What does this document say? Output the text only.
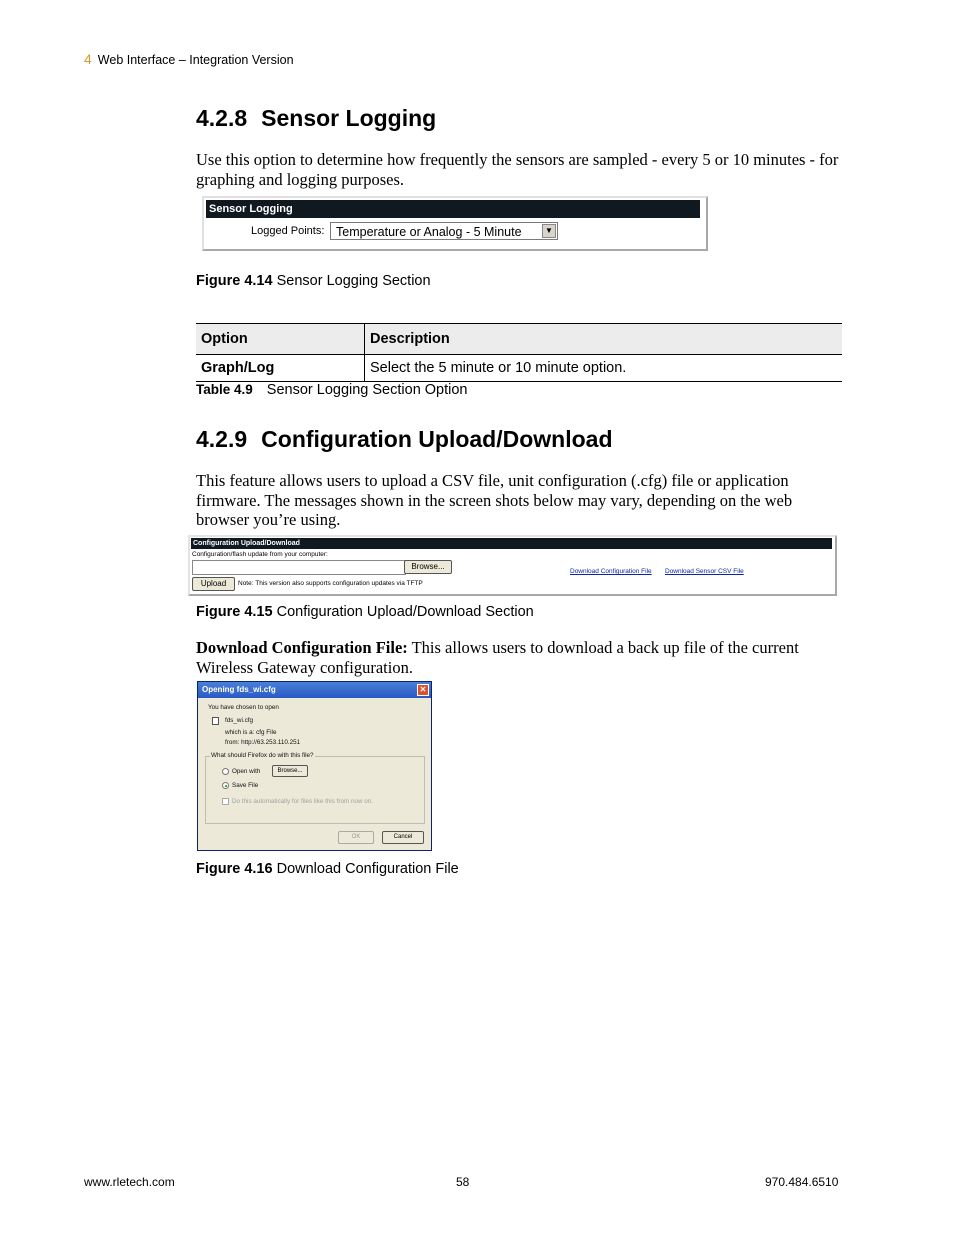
4 Web Interface – Integration Version
4.2.8 Sensor Logging
Use this option to determine how frequently the sensors are sampled - every 5 or 10 minutes - for graphing and logging purposes.
Sensor Logging
Logged Points: Temperature or Analog - 5 Minute	▼
Figure 4.14 Sensor Logging Section
Option	Description
Graph/Log	Select the 5 minute or 10 minute option.
Table 4.9 Sensor Logging Section Option
4.2.9 Configuration Upload/Download
This feature allows users to upload a CSV file, unit configuration (.cfg) file or application firmware. The messages shown in the screen shots below may vary, depending on the web browser you’re using.
Configuration Upload/Download
Configuration/flash update from your computer:
Browse...
Upload	Note: This version also supports configuration updates via TFTP
Download Configuration File Download Sensor CSV File
Figure 4.15 Configuration Upload/Download Section
Download Configuration File: This allows users to download a back up file of the current Wireless Gateway configuration.
Opening fds_wi.cfg	✕
You have chosen to open
fds_wi.cfg
which is a: cfg File
from: http://63.253.110.251
What should Firefox do with this file?
Open with	Browse...
Save File
Do this automatically for files like this from now on.
OK	Cancel
Figure 4.16 Download Configuration File
www.rletech.com	58	970.484.6510
